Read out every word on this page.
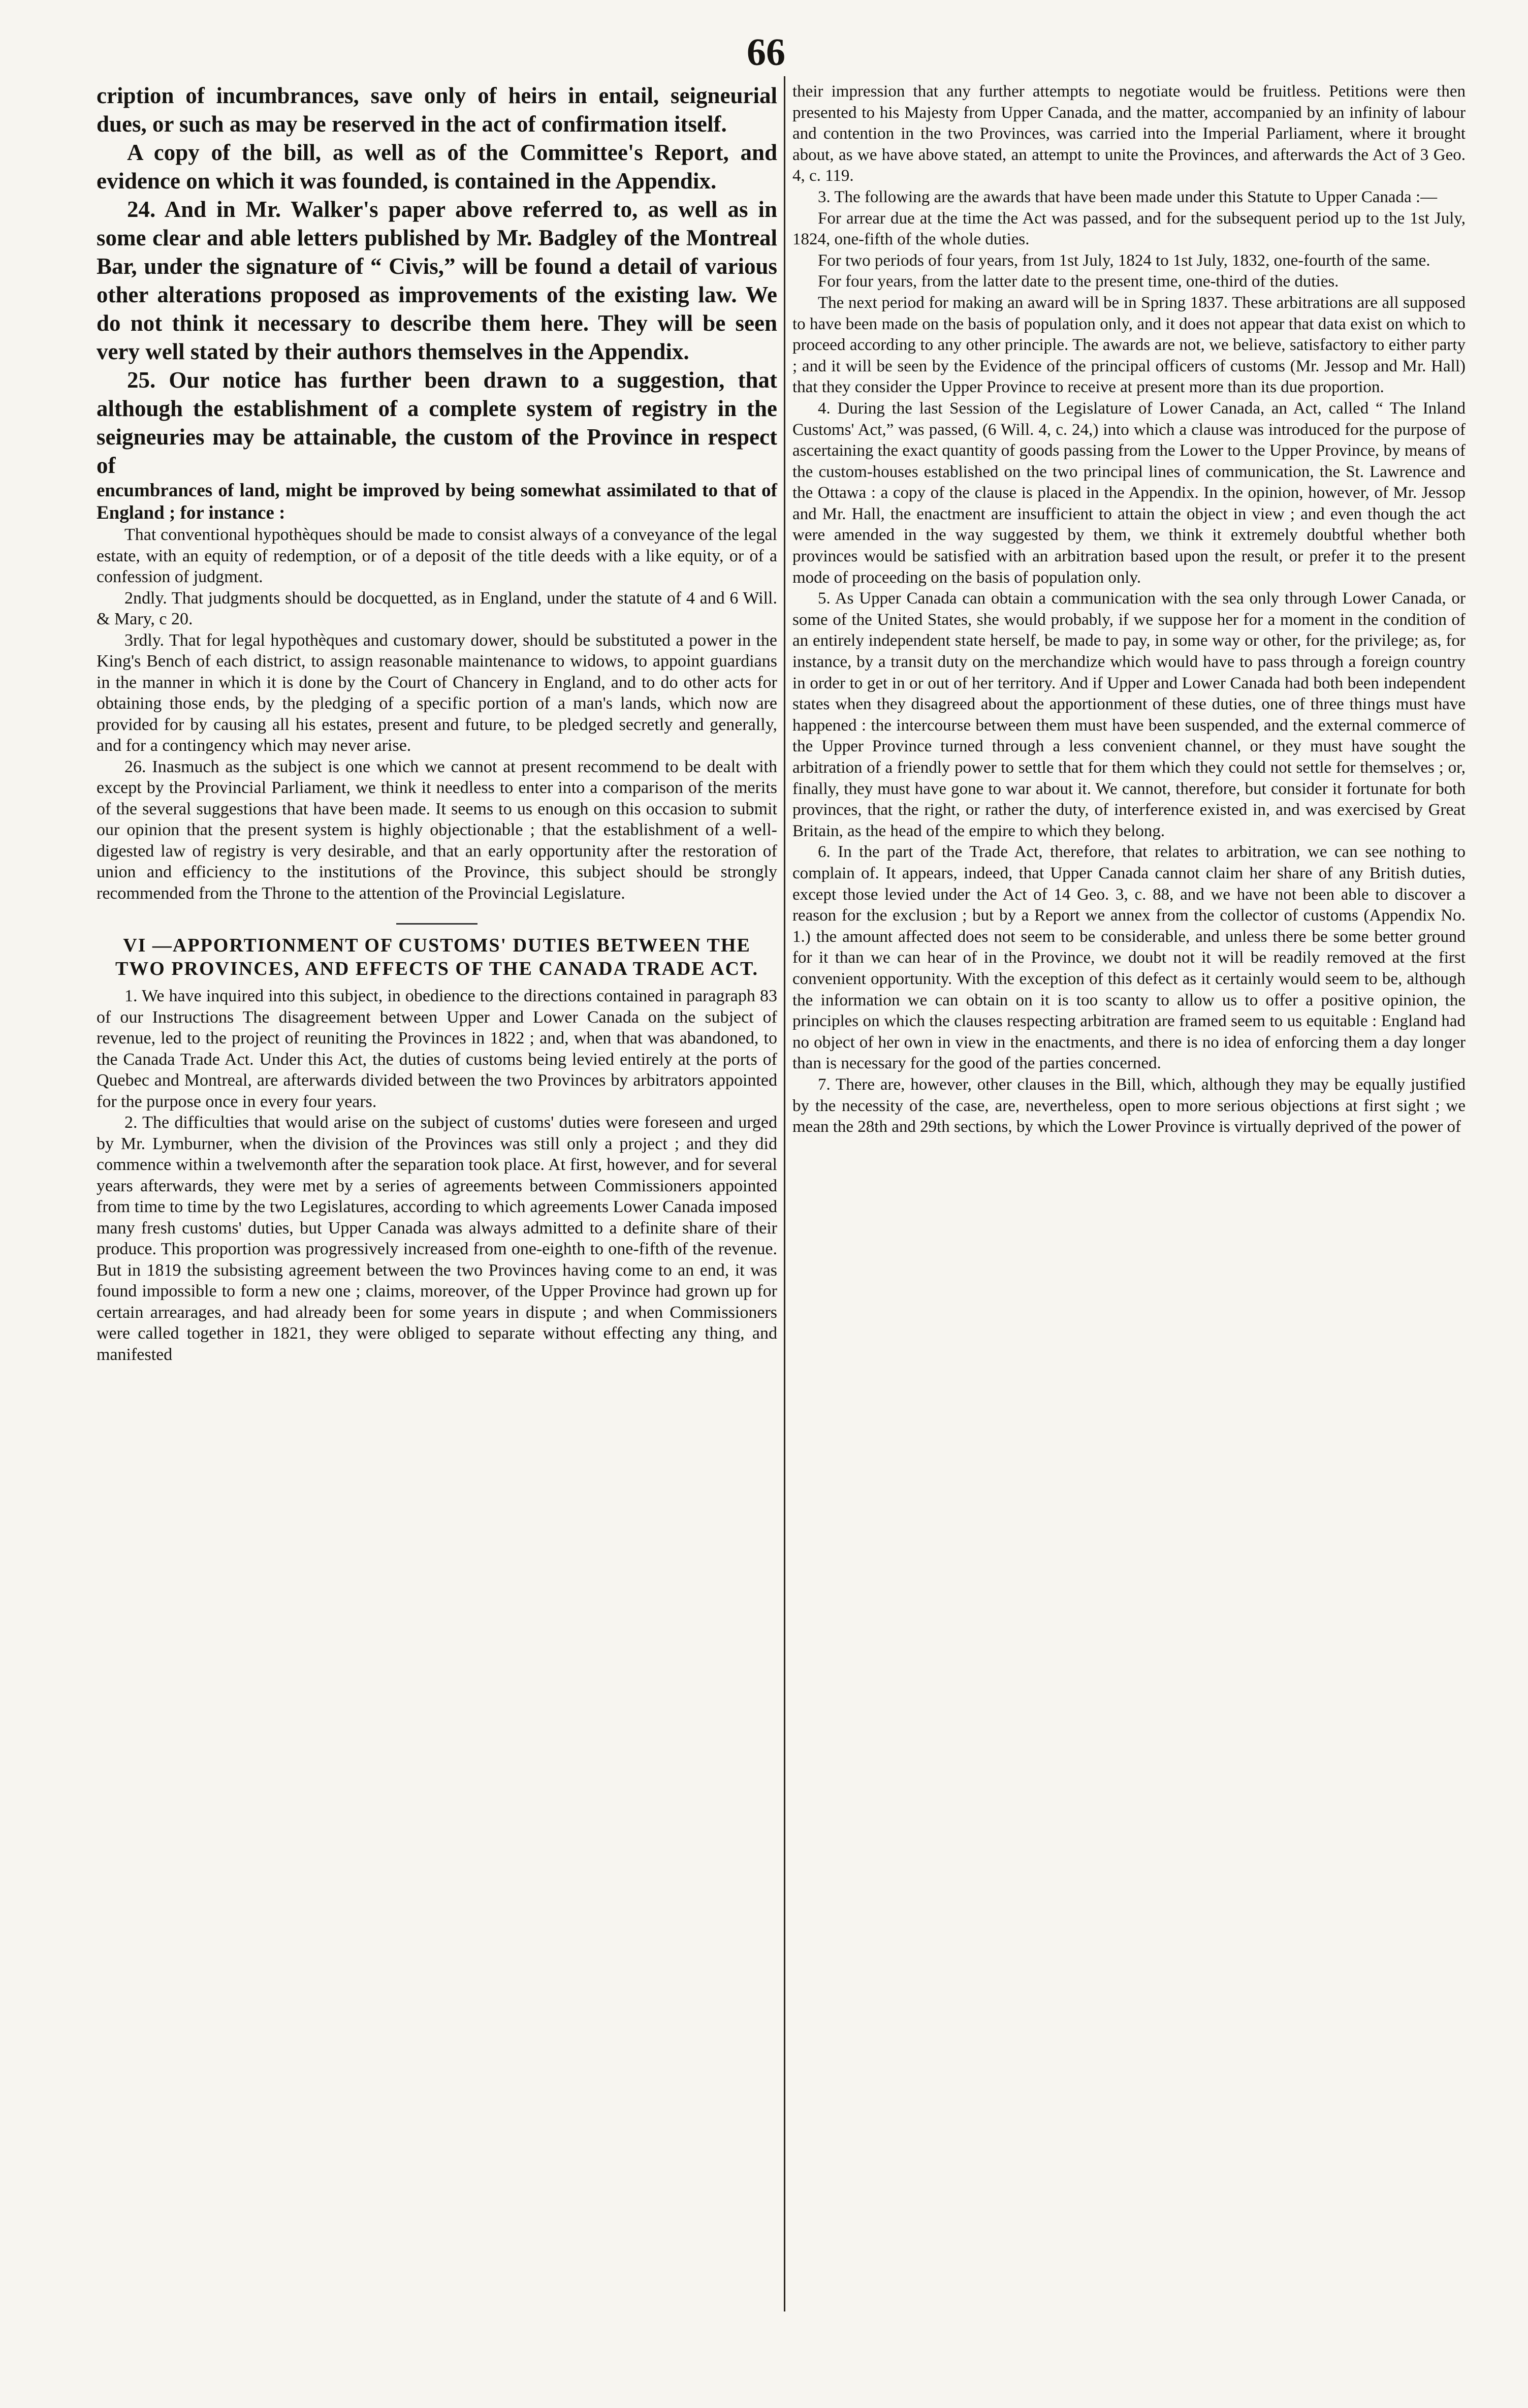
66

cription of incumbrances, save only of heirs in entail, seigneurial dues, or such as may be reserved in the act of confirmation itself.

A copy of the bill, as well as of the Committee's Report, and evidence on which it was founded, is contained in the Appendix.

24. And in Mr. Walker's paper above referred to, as well as in some clear and able letters published by Mr. Badgley of the Montreal Bar, under the signature of “ Civis,” will be found a detail of various other alterations proposed as improvements of the existing law. We do not think it necessary to describe them here. They will be seen very well stated by their authors themselves in the Appendix.

25. Our notice has further been drawn to a suggestion, that although the establishment of a complete system of registry in the seigneuries may be attainable, the custom of the Province in respect of

encumbrances of land, might be improved by being somewhat assimilated to that of England ; for instance :

That conventional hypothèques should be made to consist always of a conveyance of the legal estate, with an equity of redemption, or of a deposit of the title deeds with a like equity, or of a confession of judgment.

2ndly. That judgments should be docquetted, as in England, under the statute of 4 and 6 Will. & Mary, c 20.

3rdly. That for legal hypothèques and customary dower, should be substituted a power in the King's Bench of each district, to assign reasonable maintenance to widows, to appoint guardians in the manner in which it is done by the Court of Chancery in England, and to do other acts for obtaining those ends, by the pledging of a specific portion of a man's lands, which now are provided for by causing all his estates, present and future, to be pledged secretly and generally, and for a contingency which may never arise.

26. Inasmuch as the subject is one which we cannot at present recommend to be dealt with except by the Provincial Parliament, we think it needless to enter into a comparison of the merits of the several suggestions that have been made. It seems to us enough on this occasion to submit our opinion that the present system is highly objectionable ; that the establishment of a well-digested law of registry is very desirable, and that an early opportunity after the restoration of union and efficiency to the institutions of the Province, this subject should be strongly recommended from the Throne to the attention of the Provincial Legislature.

VI —APPORTIONMENT OF CUSTOMS' DUTIES BETWEEN THE TWO PROVINCES, AND EFFECTS OF THE CANADA TRADE ACT.

1. We have inquired into this subject, in obedience to the directions contained in paragraph 83 of our Instructions The disagreement between Upper and Lower Canada on the subject of revenue, led to the project of reuniting the Provinces in 1822 ; and, when that was abandoned, to the Canada Trade Act. Under this Act, the duties of customs being levied entirely at the ports of Quebec and Montreal, are afterwards divided between the two Provinces by arbitrators appointed for the purpose once in every four years.

2. The difficulties that would arise on the subject of customs' duties were foreseen and urged by Mr. Lymburner, when the division of the Provinces was still only a project ; and they did commence within a twelvemonth after the separation took place. At first, however, and for several years afterwards, they were met by a series of agreements between Commissioners appointed from time to time by the two Legislatures, according to which agreements Lower Canada imposed many fresh customs' duties, but Upper Canada was always admitted to a definite share of their produce. This proportion was progressively increased from one-eighth to one-fifth of the revenue. But in 1819 the subsisting agreement between the two Provinces having come to an end, it was found impossible to form a new one ; claims, moreover, of the Upper Province had grown up for certain arrearages, and had already been for some years in dispute ; and when Commissioners were called together in 1821, they were obliged to separate without effecting any thing, and manifested

their impression that any further attempts to negotiate would be fruitless. Petitions were then presented to his Majesty from Upper Canada, and the matter, accompanied by an infinity of labour and contention in the two Provinces, was carried into the Imperial Parliament, where it brought about, as we have above stated, an attempt to unite the Provinces, and afterwards the Act of 3 Geo. 4, c. 119.

3. The following are the awards that have been made under this Statute to Upper Canada :—

For arrear due at the time the Act was passed, and for the subsequent period up to the 1st July, 1824, one-fifth of the whole duties.

For two periods of four years, from 1st July, 1824 to 1st July, 1832, one-fourth of the same.

For four years, from the latter date to the present time, one-third of the duties.

The next period for making an award will be in Spring 1837. These arbitrations are all supposed to have been made on the basis of population only, and it does not appear that data exist on which to proceed according to any other principle. The awards are not, we believe, satisfactory to either party ; and it will be seen by the Evidence of the principal officers of customs (Mr. Jessop and Mr. Hall) that they consider the Upper Province to receive at present more than its due proportion.

4. During the last Session of the Legislature of Lower Canada, an Act, called “ The Inland Customs' Act,” was passed, (6 Will. 4, c. 24,) into which a clause was introduced for the purpose of ascertaining the exact quantity of goods passing from the Lower to the Upper Province, by means of the custom-houses established on the two principal lines of communication, the St. Lawrence and the Ottawa : a copy of the clause is placed in the Appendix. In the opinion, however, of Mr. Jessop and Mr. Hall, the enactment are insufficient to attain the object in view ; and even though the act were amended in the way suggested by them, we think it extremely doubtful whether both provinces would be satisfied with an arbitration based upon the result, or prefer it to the present mode of proceeding on the basis of population only.

5. As Upper Canada can obtain a communication with the sea only through Lower Canada, or some of the United States, she would probably, if we suppose her for a moment in the condition of an entirely independent state herself, be made to pay, in some way or other, for the privilege; as, for instance, by a transit duty on the merchandize which would have to pass through a foreign country in order to get in or out of her territory. And if Upper and Lower Canada had both been independent states when they disagreed about the apportionment of these duties, one of three things must have happened : the intercourse between them must have been suspended, and the external commerce of the Upper Province turned through a less convenient channel, or they must have sought the arbitration of a friendly power to settle that for them which they could not settle for themselves ; or, finally, they must have gone to war about it. We cannot, therefore, but consider it fortunate for both provinces, that the right, or rather the duty, of interference existed in, and was exercised by Great Britain, as the head of the empire to which they belong.

6. In the part of the Trade Act, therefore, that relates to arbitration, we can see nothing to complain of. It appears, indeed, that Upper Canada cannot claim her share of any British duties, except those levied under the Act of 14 Geo. 3, c. 88, and we have not been able to discover a reason for the exclusion ; but by a Report we annex from the collector of customs (Appendix No. 1.) the amount affected does not seem to be considerable, and unless there be some better ground for it than we can hear of in the Province, we doubt not it will be readily removed at the first convenient opportunity. With the exception of this defect as it certainly would seem to be, although the information we can obtain on it is too scanty to allow us to offer a positive opinion, the principles on which the clauses respecting arbitration are framed seem to us equitable : England had no object of her own in view in the enactments, and there is no idea of enforcing them a day longer than is necessary for the good of the parties concerned.

7. There are, however, other clauses in the Bill, which, although they may be equally justified by the necessity of the case, are, nevertheless, open to more serious objections at first sight ; we mean the 28th and 29th sections, by which the Lower Province is virtually deprived of the power of
